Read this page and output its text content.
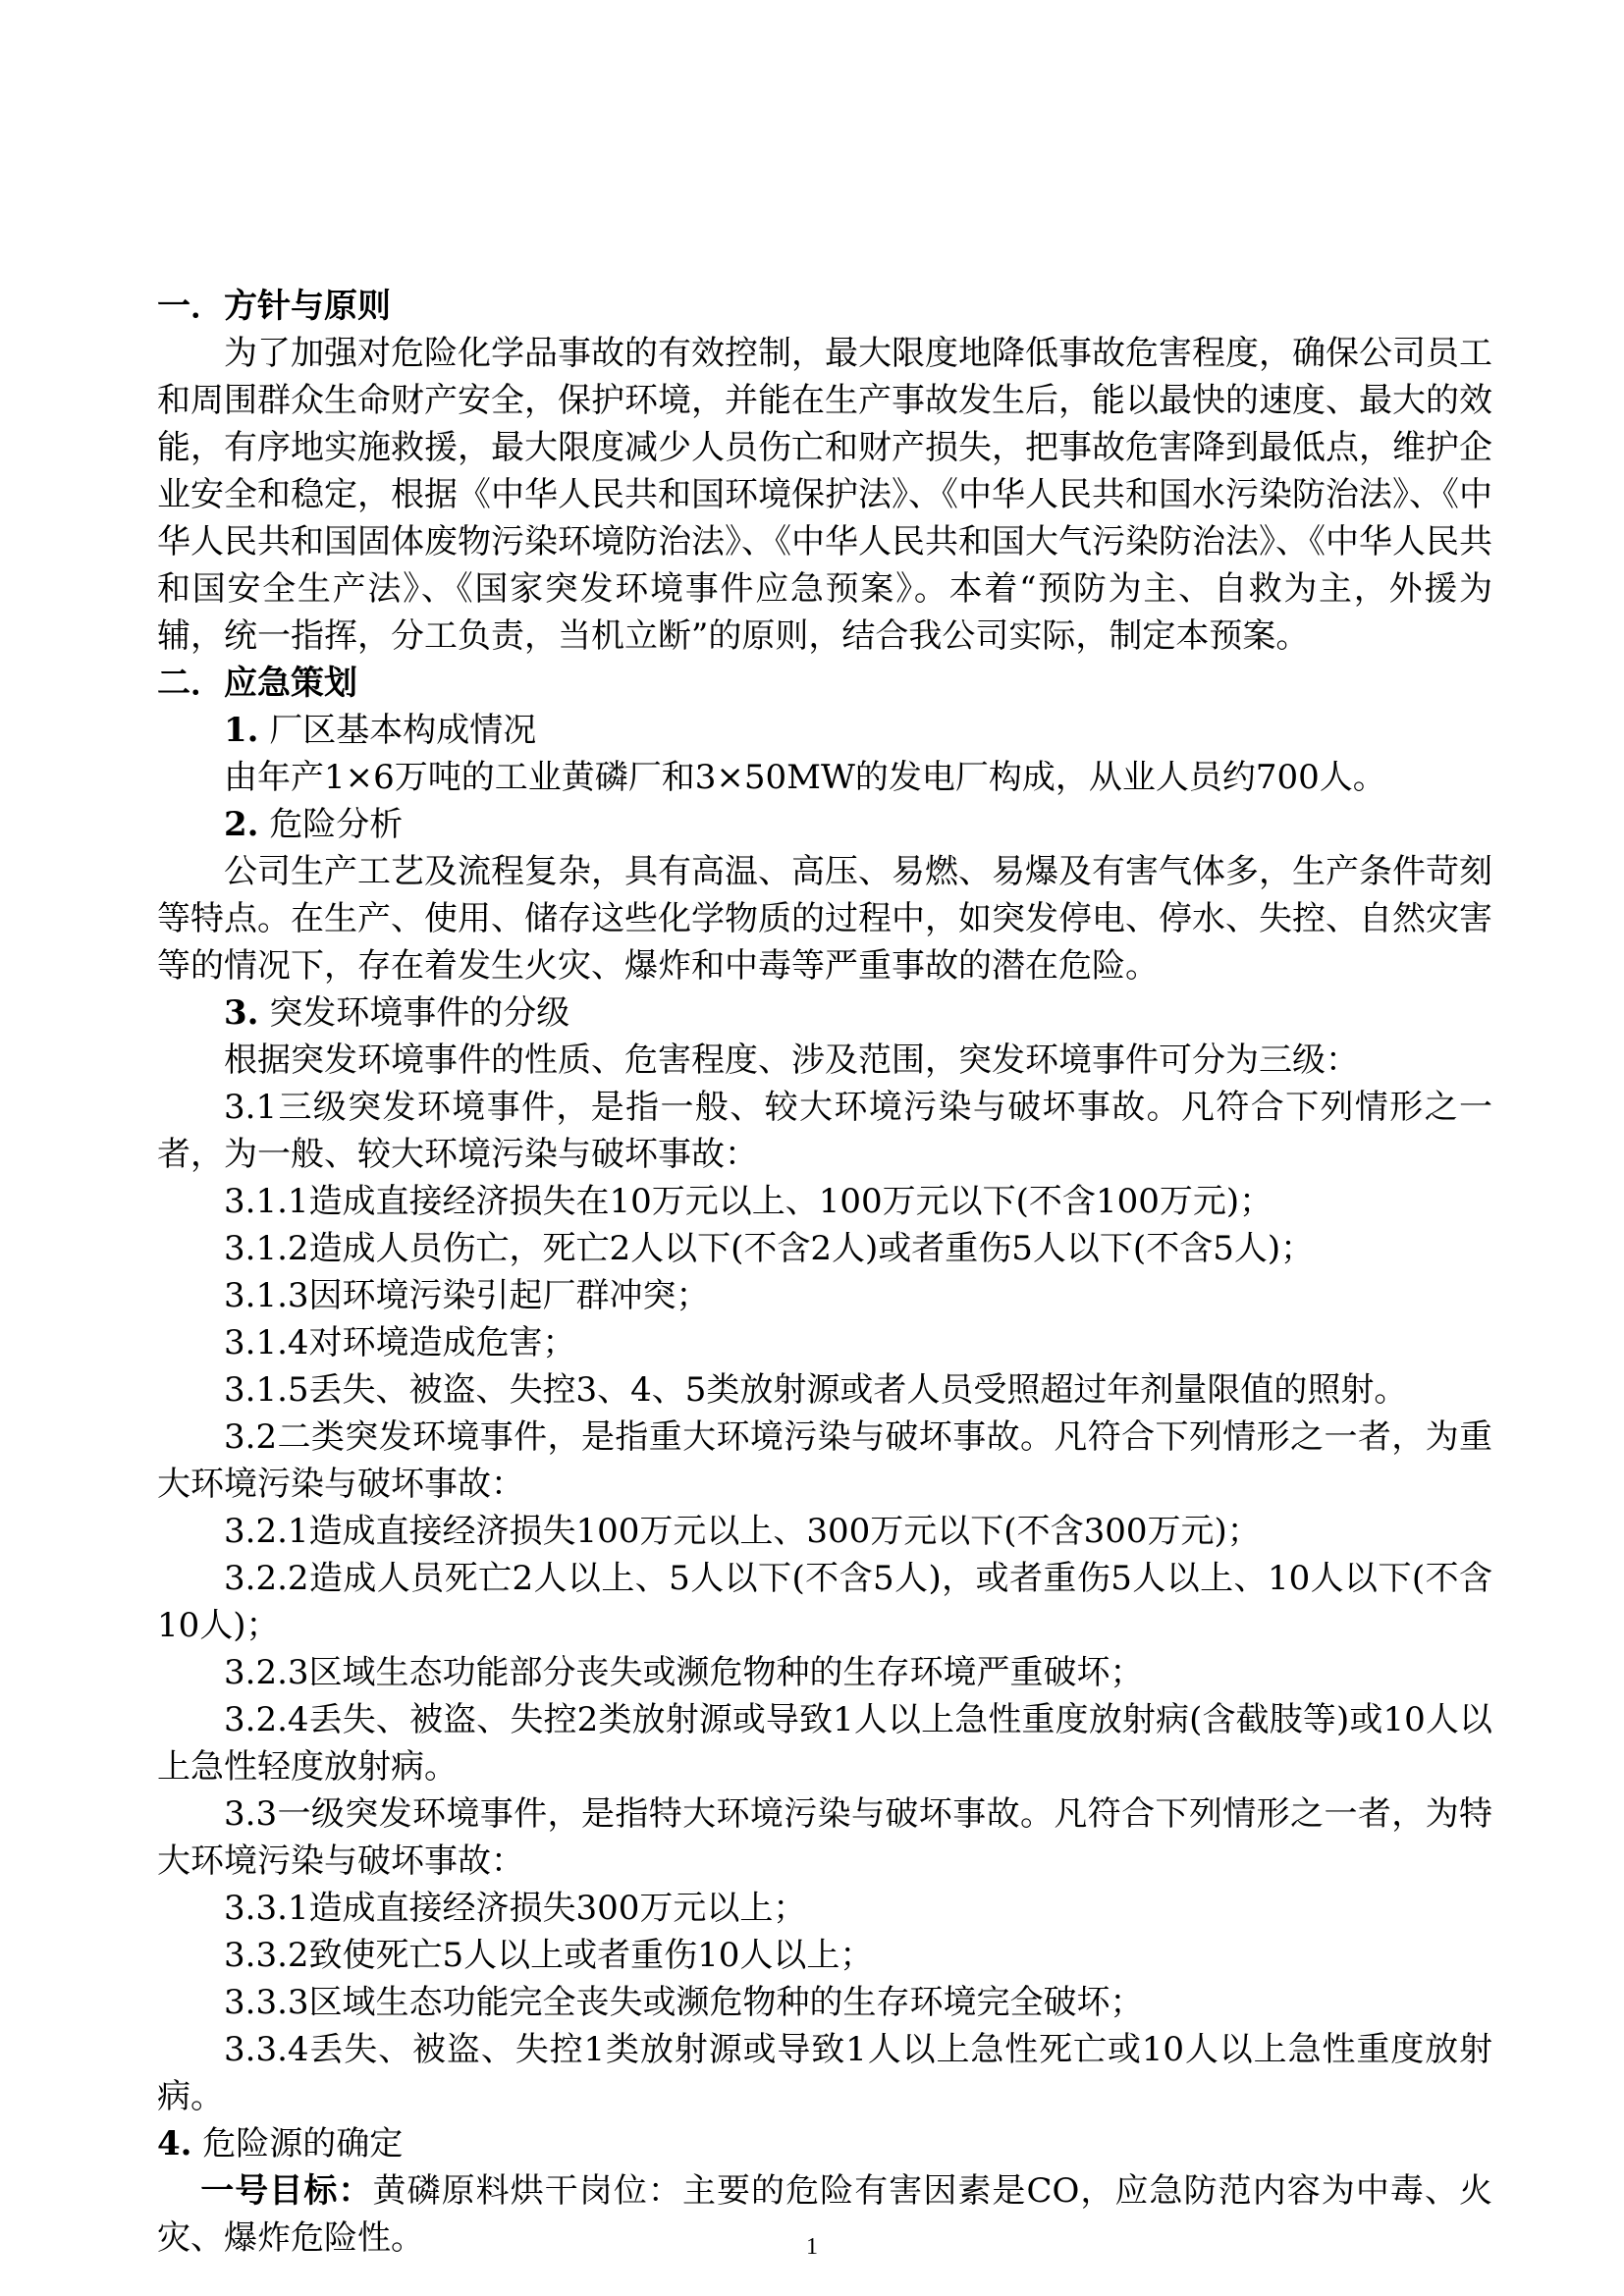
一．方针与原则

为了加强对危险化学品事故的有效控制，最大限度地降低事故危害程度，确保公司员工和周围群众生命财产安全，保护环境，并能在生产事故发生后，能以最快的速度、最大的效能，有序地实施救援，最大限度减少人员伤亡和财产损失，把事故危害降到最低点，维护企业安全和稳定，根据《中华人民共和国环境保护法》、《中华人民共和国水污染防治法》、《中华人民共和国固体废物污染环境防治法》、《中华人民共和国大气污染防治法》、《中华人民共和国安全生产法》、《国家突发环境事件应急预案》。本着“预防为主、自救为主，外援为辅，统一指挥，分工负责，当机立断”的原则，结合我公司实际，制定本预案。

二．应急策划

1. 厂区基本构成情况

由年产1×6万吨的工业黄磷厂和3×50MW的发电厂构成，从业人员约700人。

2. 危险分析

公司生产工艺及流程复杂，具有高温、高压、易燃、易爆及有害气体多，生产条件苛刻等特点。在生产、使用、储存这些化学物质的过程中，如突发停电、停水、失控、自然灾害等的情况下，存在着发生火灾、爆炸和中毒等严重事故的潜在危险。

3. 突发环境事件的分级

根据突发环境事件的性质、危害程度、涉及范围，突发环境事件可分为三级：

3.1三级突发环境事件，是指一般、较大环境污染与破坏事故。凡符合下列情形之一者，为一般、较大环境污染与破坏事故：

3.1.1造成直接经济损失在10万元以上、100万元以下(不含100万元)；

3.1.2造成人员伤亡，死亡2人以下(不含2人)或者重伤5人以下(不含5人)；

3.1.3因环境污染引起厂群冲突；

3.1.4对环境造成危害；

3.1.5丢失、被盗、失控3、4、5类放射源或者人员受照超过年剂量限值的照射。

3.2二类突发环境事件，是指重大环境污染与破坏事故。凡符合下列情形之一者，为重大环境污染与破坏事故：

3.2.1造成直接经济损失100万元以上、300万元以下(不含300万元)；

3.2.2造成人员死亡2人以上、5人以下(不含5人)，或者重伤5人以上、10人以下(不含10人)；

3.2.3区域生态功能部分丧失或濒危物种的生存环境严重破坏；

3.2.4丢失、被盗、失控2类放射源或导致1人以上急性重度放射病(含截肢等)或10人以上急性轻度放射病。

3.3一级突发环境事件，是指特大环境污染与破坏事故。凡符合下列情形之一者，为特大环境污染与破坏事故：

3.3.1造成直接经济损失300万元以上；

3.3.2致使死亡5人以上或者重伤10人以上；

3.3.3区域生态功能完全丧失或濒危物种的生存环境完全破坏；

3.3.4丢失、被盗、失控1类放射源或导致1人以上急性死亡或10人以上急性重度放射病。

4. 危险源的确定

一号目标：黄磷原料烘干岗位：主要的危险有害因素是CO，应急防范内容为中毒、火灾、爆炸危险性。	1
